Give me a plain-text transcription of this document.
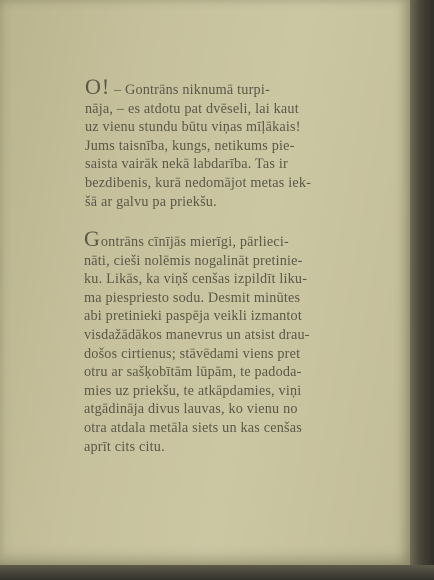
O! – Gontrāns niknumā turpi-
nāja, – es atdotu pat dvēseli, lai kaut
uz vienu stundu būtu viņas mīļākais!
Jums taisnība, kungs, netikums pie-
saista vairāk nekā labdarība. Tas ir
bezdibenis, kurā nedomājot metas iek-
šā ar galvu pa priekšu.
Gontrāns cīnījās mierīgi, pārlieci-
nāti, cieši nolēmis nogalināt pretinie-
ku. Likās, ka viņš cenšas izpildīt liku-
ma piespriesto sodu. Desmit minūtes
abi pretinieki paspēja veikli izmantot
visdažādākos manevrus un atsist drau-
došos cirtienus; stāvēdami viens pret
otru ar sašķobītām lūpām, te padoda-
mies uz priekšu, te atkāpdamies, viņi
atgādināja divus lauvas, ko vienu no
otra atdala metāla siets un kas cenšas
aprīt cits citu.
